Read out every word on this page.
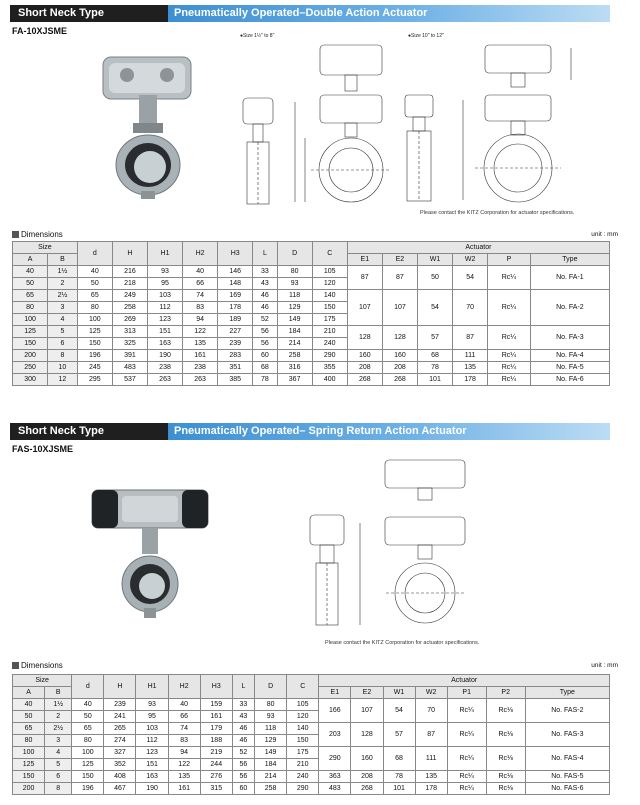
Short Neck Type	Pneumatically Operated–Double Action Actuator
FA-10XJSME	●Size 1½" to 8"	●Size 10" to 12"
Please contact the KITZ Corporation for actuator specifications.
Dimensions	unit : mm
Size		d	H	H1	H2	H3	L	D	C	Actuator					
A	B									E1	E2	W1	W2	P	Type
40	1½	40	216	93	40	146	33	80	105	87	87	50	54	Rc¼	No. FA-1
50	2	50	218	95	66	148	43	93	120						
65	2½	65	249	103	74	169	46	118	140	107	107	54	70	Rc¼	No. FA-2
80	3	80	258	112	83	178	46	129	150						
100	4	100	269	123	94	189	52	149	175						
125	5	125	313	151	122	227	56	184	210	128	128	57	87	Rc¼	No. FA-3
150	6	150	325	163	135	239	56	214	240						
200	8	196	391	190	161	283	60	258	290	160	160	68	111	Rc¼	No. FA-4
250	10	245	483	238	238	351	68	316	355	208	208	78	135	Rc¼	No. FA-5
300	12	295	537	263	263	385	78	367	400	268	268	101	178	Rc¼	No. FA-6
Short Neck Type	Pneumatically Operated– Spring Return Action Actuator
FAS-10XJSME
Please contact the KITZ Corporation for actuator specifications.
Dimensions	unit : mm
Size		d	H	H1	H2	H3	L	D	C	Actuator						
A	B									E1	E2	W1	W2	P1	P2	Type
40	1½	40	239	93	40	159	33	80	105	166	107	54	70	Rc¼	Rc⅛	No. FAS-2
50	2	50	241	95	66	161	43	93	120							
65	2½	65	265	103	74	179	46	118	140	203	128	57	87	Rc¼	Rc⅛	No. FAS-3
80	3	80	274	112	83	188	46	129	150							
100	4	100	327	123	94	219	52	149	175	290	160	68	111	Rc¼	Rc⅛	No. FAS-4
125	5	125	352	151	122	244	56	184	210							
150	6	150	408	163	135	276	56	214	240	363	208	78	135	Rc¼	Rc⅛	No. FAS-5
200	8	196	467	190	161	315	60	258	290	483	268	101	178	Rc¼	Rc⅛	No. FAS-6
